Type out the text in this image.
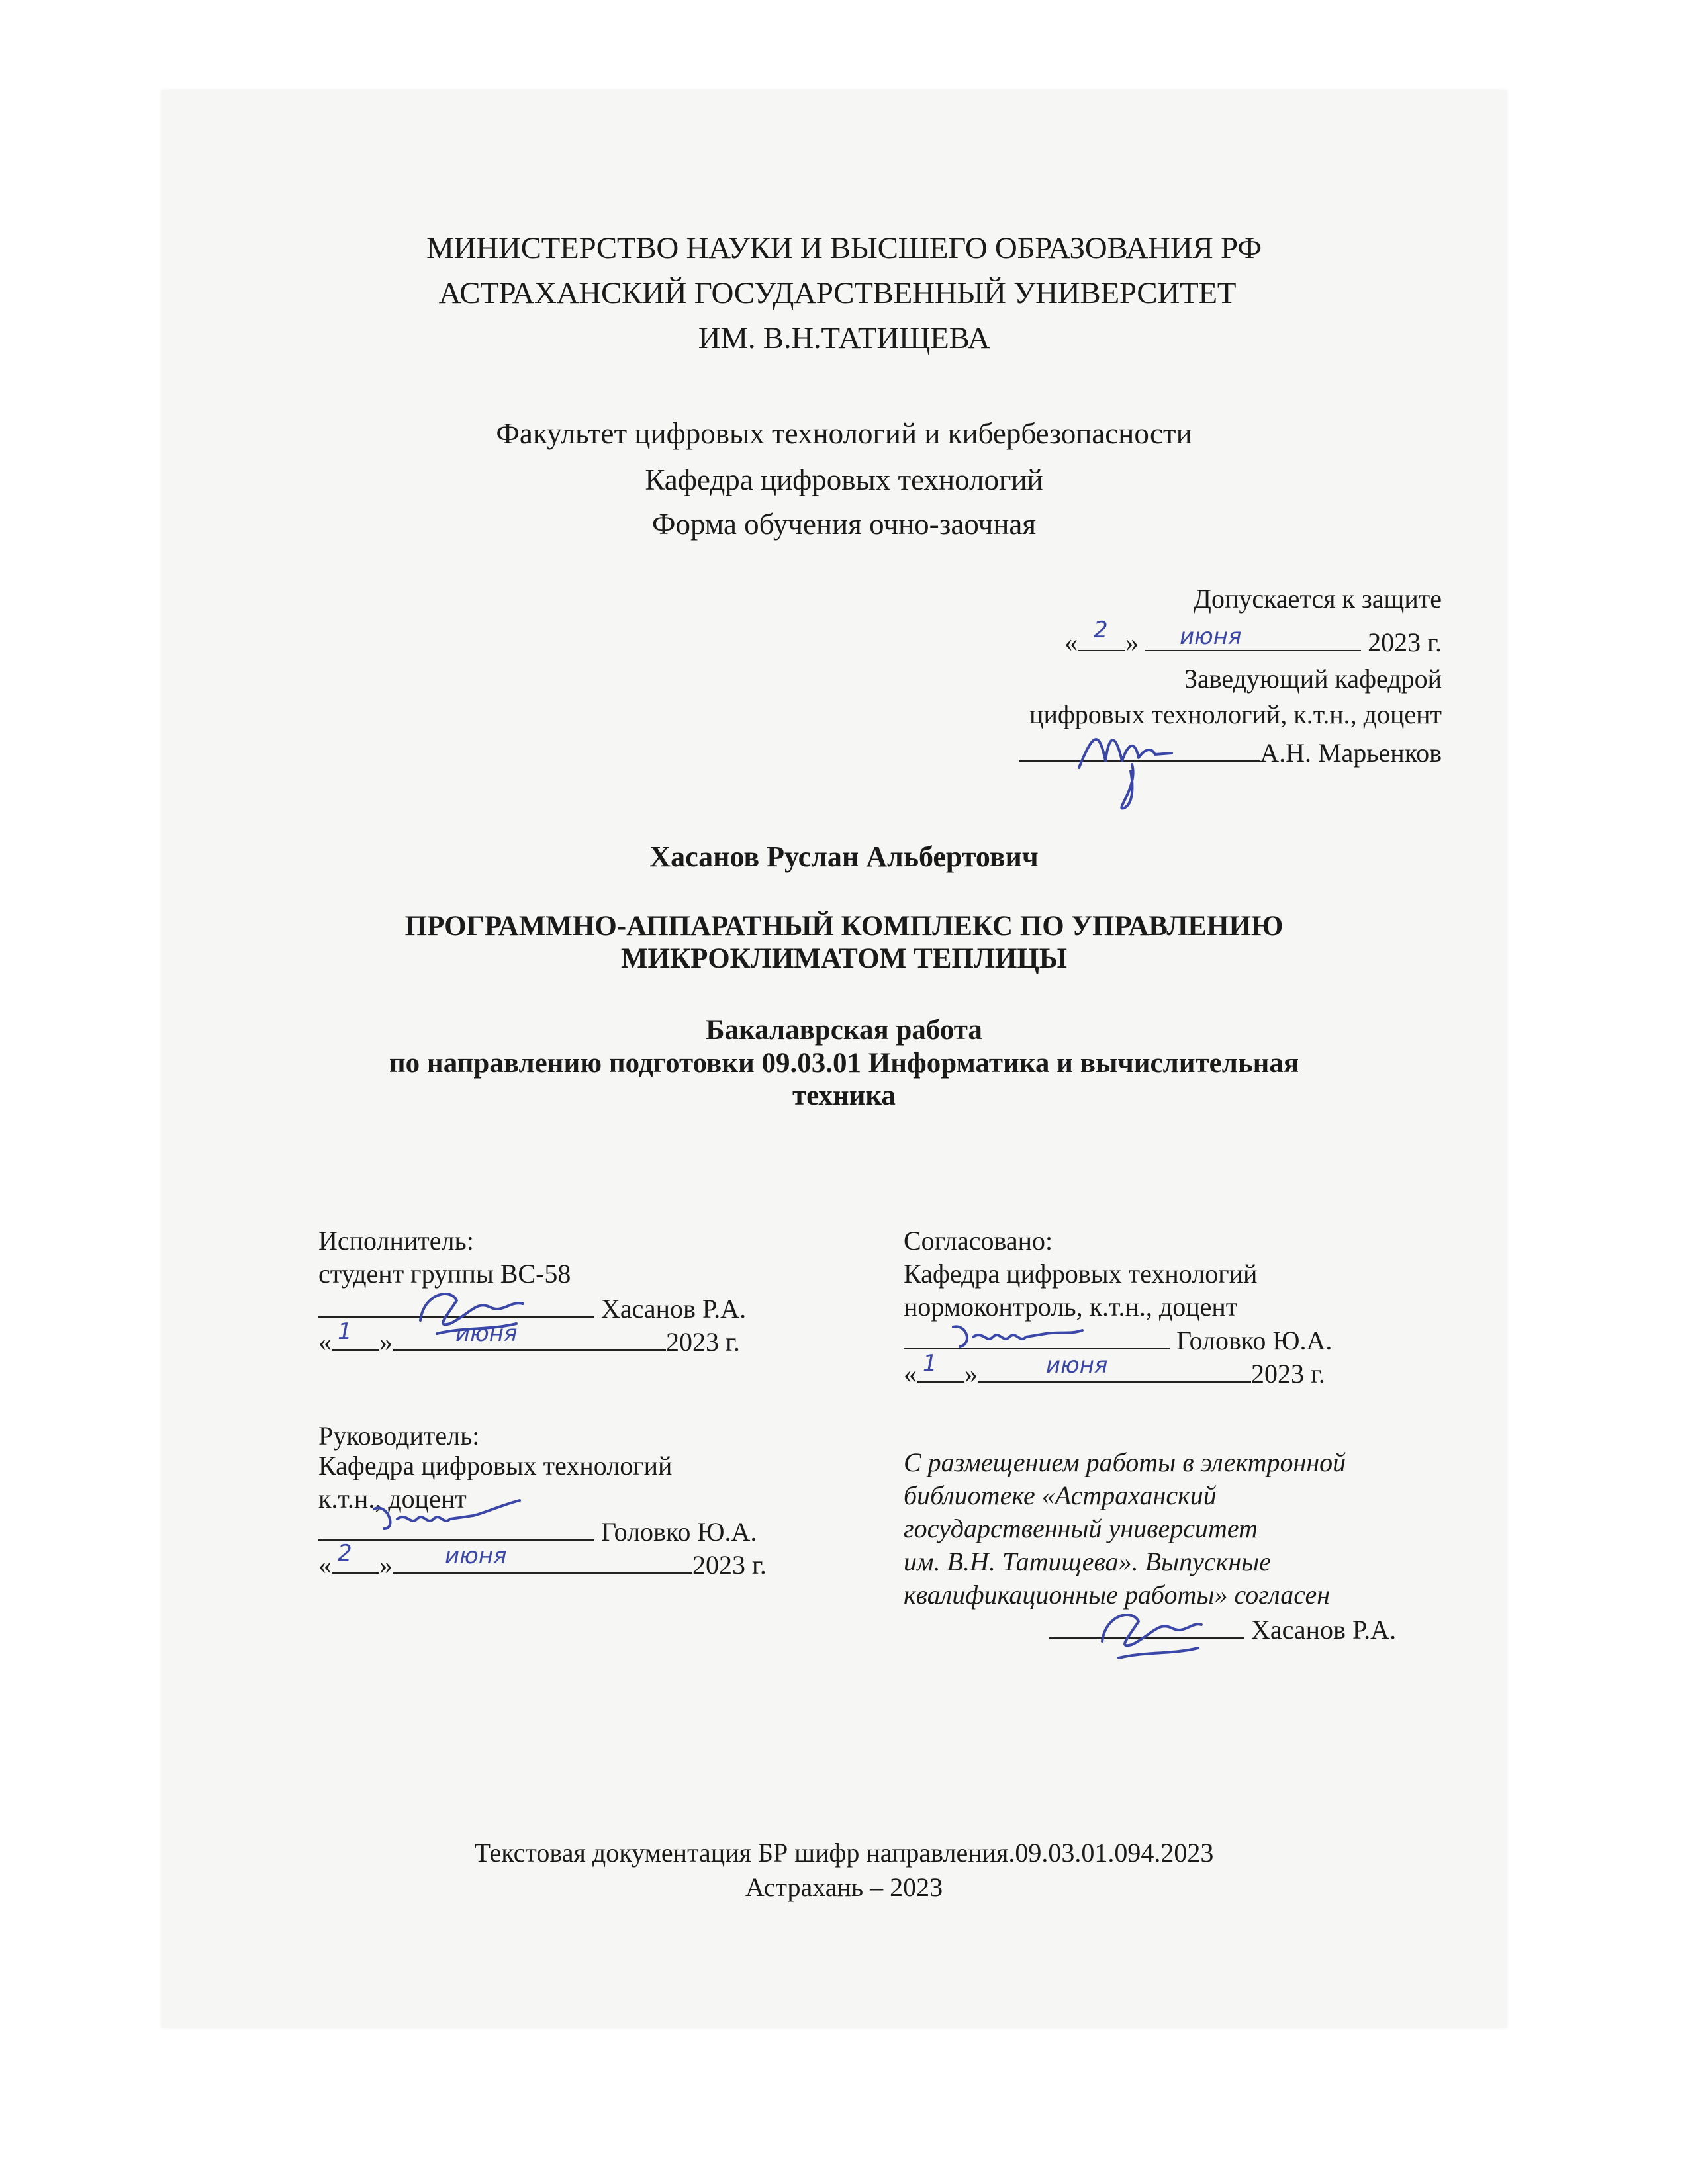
МИНИСТЕРСТВО НАУКИ И ВЫСШЕГО ОБРАЗОВАНИЯ РФ
АСТРАХАНСКИЙ ГОСУДАРСТВЕННЫЙ УНИВЕРСИТЕТ
ИМ. В.Н.ТАТИЩЕВА
Факультет цифровых технологий и кибербезопасности
Кафедра цифровых технологий
Форма обучения очно-заочная
Допускается к защите
« »	2023 г.
2	июня
Заведующий кафедрой
цифровых технологий, к.т.н., доцент
А.Н. Марьенков
Хасанов Руслан Альбертович
ПРОГРАММНО-АППАРАТНЫЙ КОМПЛЕКС ПО УПРАВЛЕНИЮ
МИКРОКЛИМАТОМ ТЕПЛИЦЫ
Бакалаврская работа
по направлению подготовки 09.03.01 Информатика и вычислительная
техника
Исполнитель:
студент группы ВС-58
Хасанов Р.А.
« »	2023 г.
1	июня
Согласовано:
Кафедра цифровых технологий
нормоконтроль, к.т.н., доцент
Головко Ю.А.
« »	2023 г.
1	июня
Руководитель:
Кафедра цифровых технологий
к.т.н., доцент
Головко Ю.А.
« »	2023 г.
2	июня
С размещением работы в электронной
библиотеке «Астраханский
государственный университет
им. В.Н. Татищева». Выпускные
квалификационные работы» согласен
Хасанов Р.А.
Текстовая документация БР шифр направления.09.03.01.094.2023
Астрахань – 2023
